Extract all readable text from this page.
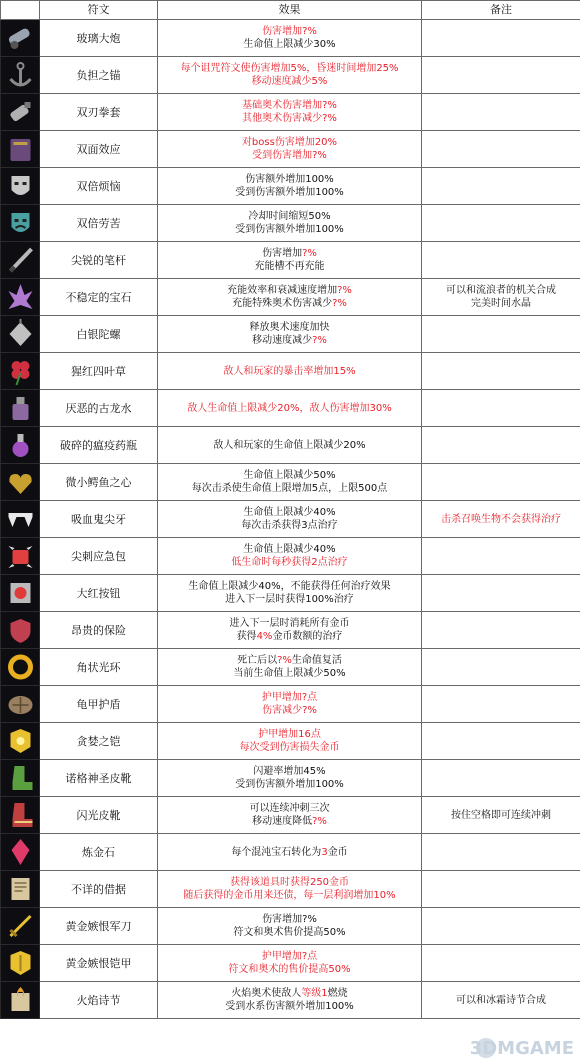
	符文	效果	备注

	玻璃大炮	伤害增加?%
生命值上限减少30%	

	负担之锚	每个诅咒符文使伤害增加5%，昏迷时间增加25%
移动速度减少5%	

	双刃拳套	基础奥术伤害增加?%
其他奥术伤害减少?%	

	双面效应	对boss伤害增加20%
受到伤害增加?%	

	双倍烦恼	伤害额外增加100%
受到伤害额外增加100%	

	双倍劳苦	冷却时间缩短50%
受到伤害额外增加100%	

	尖锐的笔杆	伤害增加?%
充能槽不再充能	

	不稳定的宝石	充能效率和衰减速度增加?%
充能特殊奥术伤害减少?%	可以和流浪者的机关合成
完美时间水晶

	白银陀螺	释放奥术速度加快
移动速度减少?%	

	猩红四叶草	敌人和玩家的暴击率增加15%	

	厌恶的古龙水	敌人生命值上限减少20%，敌人伤害增加30%	

	破碎的瘟疫药瓶	敌人和玩家的生命值上限减少20%	

	微小鳄鱼之心	生命值上限减少50%
每次击杀使生命值上限增加5点，上限500点	

	吸血鬼尖牙	生命值上限减少40%
每次击杀获得3点治疗	击杀召唤生物不会获得治疗

	尖刺应急包	生命值上限减少40%
低生命时每秒获得2点治疗	

	大红按钮	生命值上限减少40%，不能获得任何治疗效果
进入下一层时获得100%治疗	

	昂贵的保险	进入下一层时消耗所有金币
获得4%金币数额的治疗	

	角状光环	死亡后以?%生命值复活
当前生命值上限减少50%	

	龟甲护盾	护甲增加?点
伤害减少?%	

	贪婪之铠	护甲增加16点
每次受到伤害损失金币	

	诺格神圣皮靴	闪避率增加45%
受到伤害额外增加100%	

	闪光皮靴	可以连续冲刺三次
移动速度降低?%	按住空格即可连续冲刺

	炼金石	每个混沌宝石转化为3金币	

	不详的借据	获得该道具时获得250金币
随后获得的金币用来还债，每一层利润增加10%	

	黄金嫉恨军刀	伤害增加?%
符文和奥术售价提高50%	

	黄金嫉恨铠甲	护甲增加?点
符文和奥术的售价提高50%	

	火焰诗节	火焰奥术使敌人等级1燃烧
受到水系伤害额外增加100%	可以和冰霜诗节合成
3DMGAME
